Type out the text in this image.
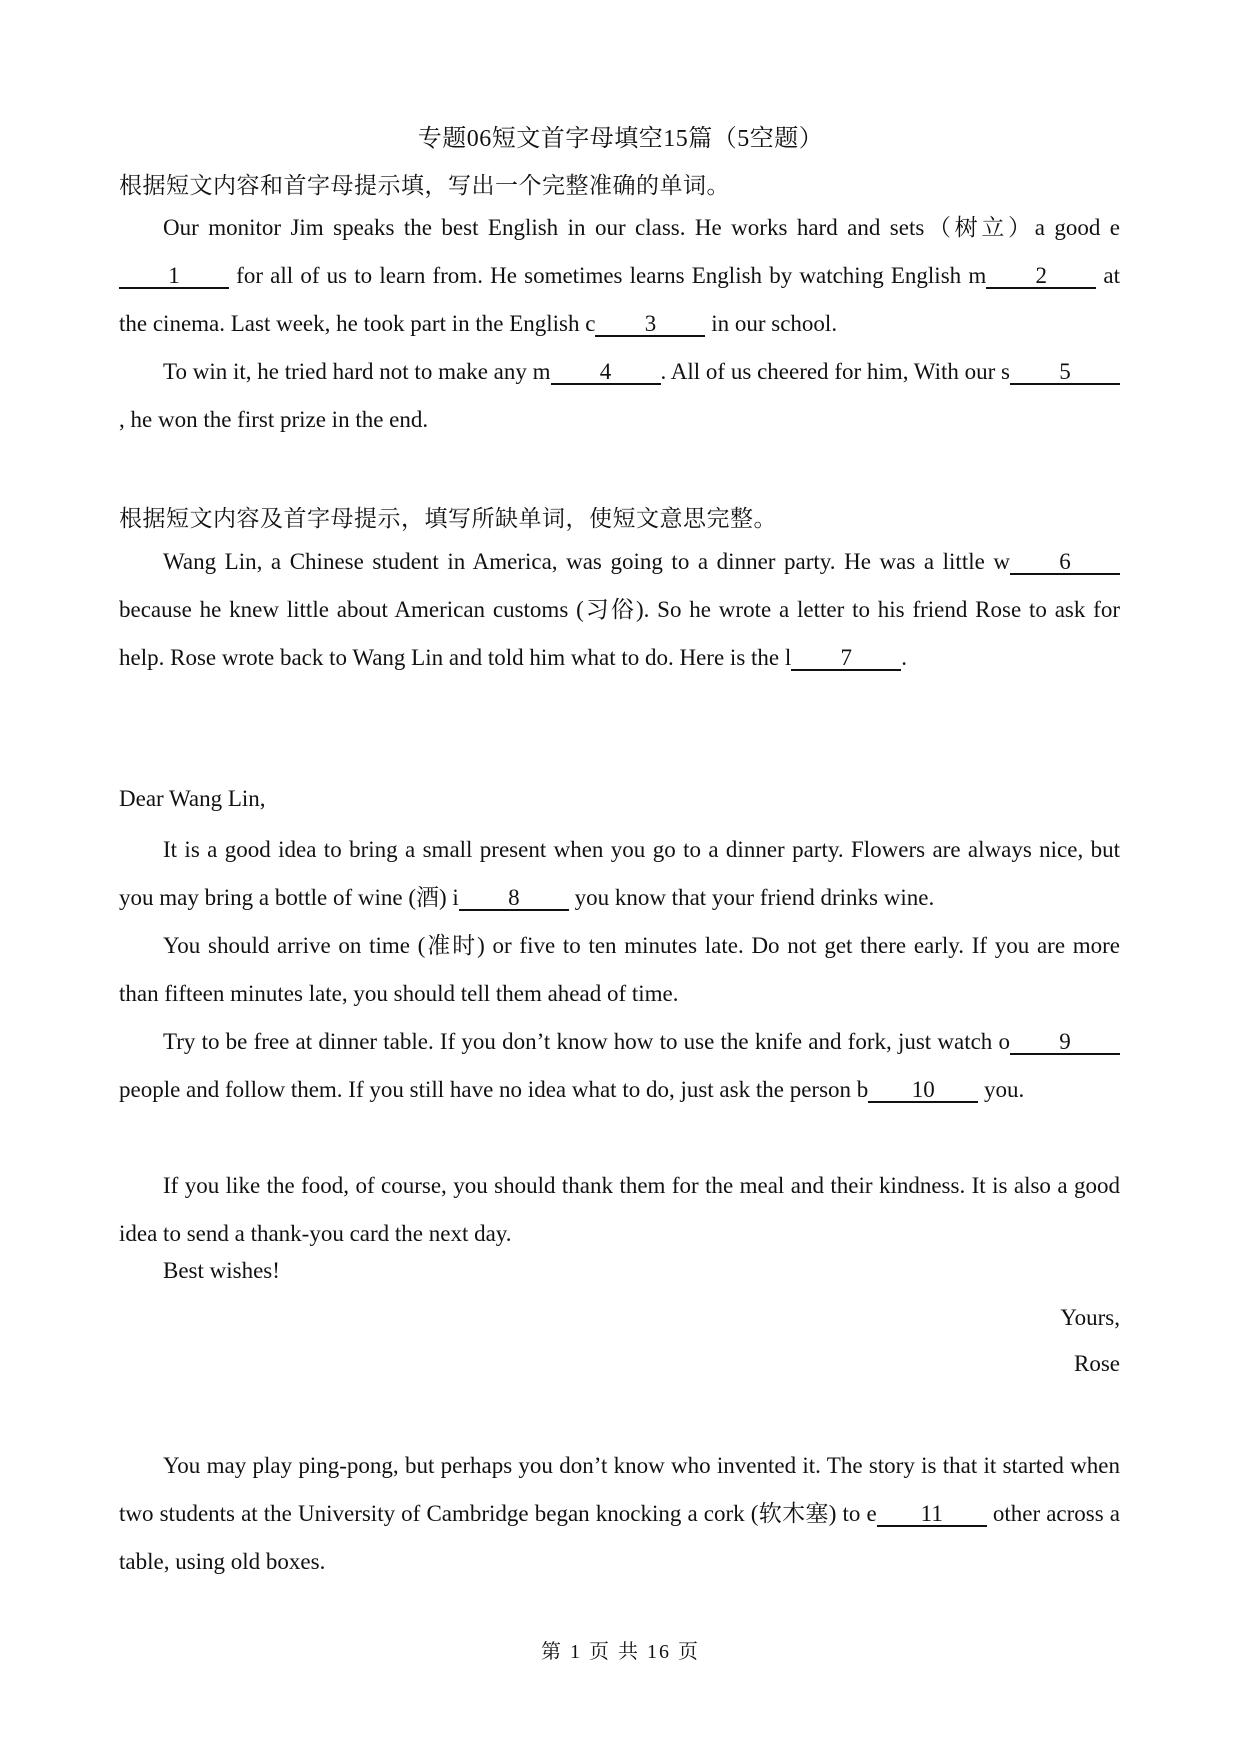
专题06短文首字母填空15篇（5空题）
根据短文内容和首字母提示填，写出一个完整准确的单词。
Our monitor Jim speaks the best English in our class. He works hard and sets（树立）a good e1 for all of us to learn from. He sometimes learns English by watching English m 2 at the cinema. Last week, he took part in the English c 3 in our school.
To win it, he tried hard not to make any m 4 . All of us cheered for him, With our s 5, he won the first prize in the end.
根据短文内容及首字母提示，填写所缺单词，使短文意思完整。
Wang Lin, a Chinese student in America, was going to a dinner party. He was a little w 6 because he knew little about American customs (习俗). So he wrote a letter to his friend Rose to ask for help. Rose wrote back to Wang Lin and told him what to do. Here is the l 7 .
Dear Wang Lin,
It is a good idea to bring a small present when you go to a dinner party. Flowers are always nice, but you may bring a bottle of wine (酒) i 8 you know that your friend drinks wine.
You should arrive on time (准时) or five to ten minutes late. Do not get there early. If you are more than fifteen minutes late, you should tell them ahead of time.
Try to be free at dinner table. If you don’t know how to use the knife and fork, just watch o 9 people and follow them. If you still have no idea what to do, just ask the person b 10 you.
If you like the food, of course, you should thank them for the meal and their kindness. It is also a good idea to send a thank-you card the next day.
Best wishes!
Yours,
Rose
You may play ping-pong, but perhaps you don’t know who invented it. The story is that it started when two students at the University of Cambridge began knocking a cork (软木塞) to e 11 other across a table, using old boxes.
第 1 页 共 16 页
